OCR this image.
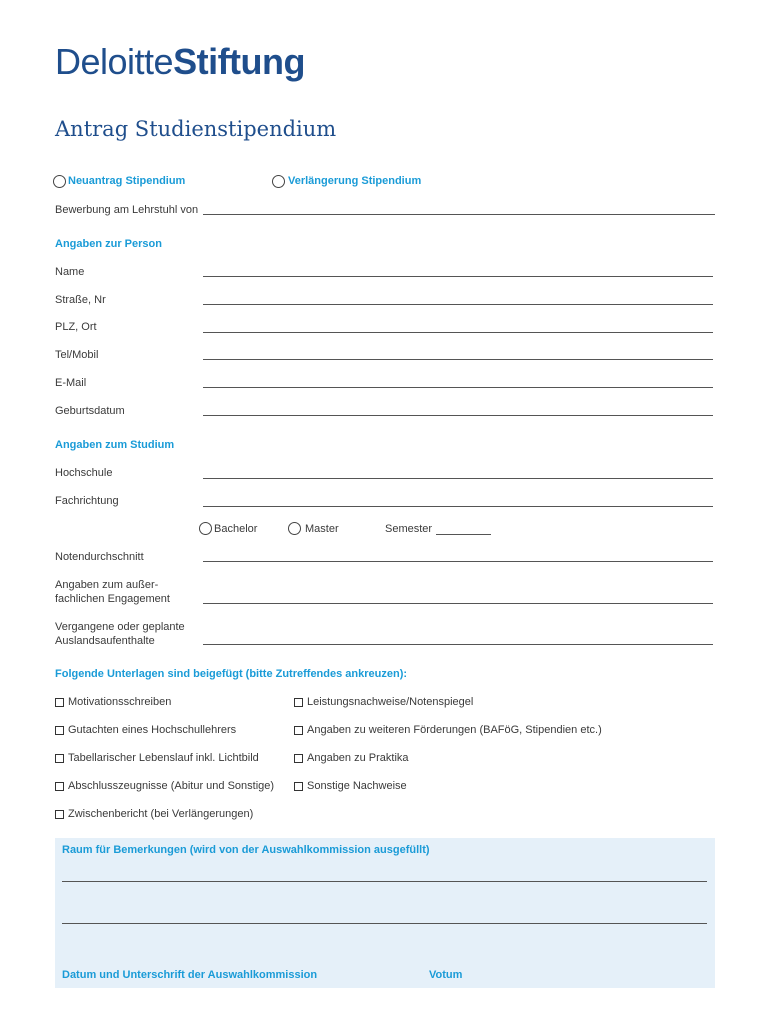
DeloitteStiftung
Antrag Studienstipendium
Neuantrag Stipendium	Verlängerung Stipendium
Bewerbung am Lehrstuhl von
Angaben zur Person
Name
Straße, Nr
PLZ, Ort
Tel/Mobil
E-Mail
Geburtsdatum
Angaben zum Studium
Hochschule
Fachrichtung
Bachelor	Master	Semester
Notendurchschnitt
Angaben zum außer-
fachlichen Engagement
Vergangene oder geplante
Auslandsaufenthalte
Folgende Unterlagen sind beigefügt (bitte Zutreffendes ankreuzen):
Motivationsschreiben	Leistungsnachweise/Notenspiegel
Gutachten eines Hochschullehrers	Angaben zu weiteren Förderungen (BAFöG, Stipendien etc.)
Tabellarischer Lebenslauf inkl. Lichtbild	Angaben zu Praktika
Abschlusszeugnisse (Abitur und Sonstige)	Sonstige Nachweise
Zwischenbericht (bei Verlängerungen)
Raum für Bemerkungen (wird von der Auswahlkommission ausgefüllt)
Datum und Unterschrift der Auswahlkommission	Votum
